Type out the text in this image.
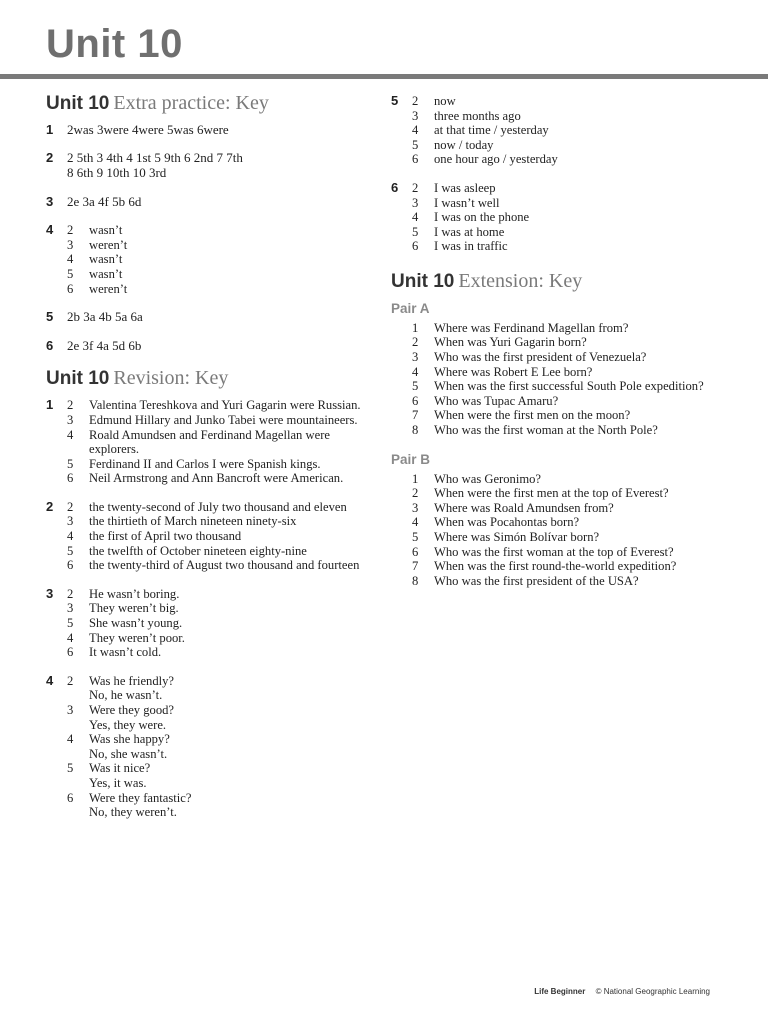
Unit 10
Unit 10 Extra practice: Key
1	2was 3were 4were 5was 6were
2	2 5th 3 4th 4 1st 5 9th 6 2nd 7 7th
8 6th 9 10th 10 3rd
3	2e 3a 4f 5b 6d
4	2	wasn’t
3	weren’t
4	wasn’t
5	wasn’t
6	weren’t
5	2b 3a 4b 5a 6a
6	2e 3f 4a 5d 6b
Unit 10 Revision: Key
1	2	Valentina Tereshkova and Yuri Gagarin were Russian.
3	Edmund Hillary and Junko Tabei were mountaineers.
4	Roald Amundsen and Ferdinand Magellan were explorers.
5	Ferdinand II and Carlos I were Spanish kings.
6	Neil Armstrong and Ann Bancroft were American.
2	2	the twenty-second of July two thousand and eleven
3	the thirtieth of March nineteen ninety-six
4	the first of April two thousand
5	the twelfth of October nineteen eighty-nine
6	the twenty-third of August two thousand and fourteen
3	2	He wasn’t boring.
3	They weren’t big.
5	She wasn’t young.
4	They weren’t poor.
6	It wasn’t cold.
4	2	Was he friendly?
No, he wasn’t.
3	Were they good?
Yes, they were.
4	Was she happy?
No, she wasn’t.
5	Was it nice?
Yes, it was.
6	Were they fantastic?
No, they weren’t.
5	2	now
3	three months ago
4	at that time / yesterday
5	now / today
6	one hour ago / yesterday
6	2	I was asleep
3	I wasn’t well
4	I was on the phone
5	I was at home
6	I was in traffic
Unit 10 Extension: Key
Pair A
1	Where was Ferdinand Magellan from?
2	When was Yuri Gagarin born?
3	Who was the first president of Venezuela?
4	Where was Robert E Lee born?
5	When was the first successful South Pole expedition?
6	Who was Tupac Amaru?
7	When were the first men on the moon?
8	Who was the first woman at the North Pole?
Pair B
1	Who was Geronimo?
2	When were the first men at the top of Everest?
3	Where was Roald Amundsen from?
4	When was Pocahontas born?
5	Where was Simón Bolívar born?
6	Who was the first woman at the top of Everest?
7	When was the first round-the-world expedition?
8	Who was the first president of the USA?
Life Beginner © National Geographic Learning
